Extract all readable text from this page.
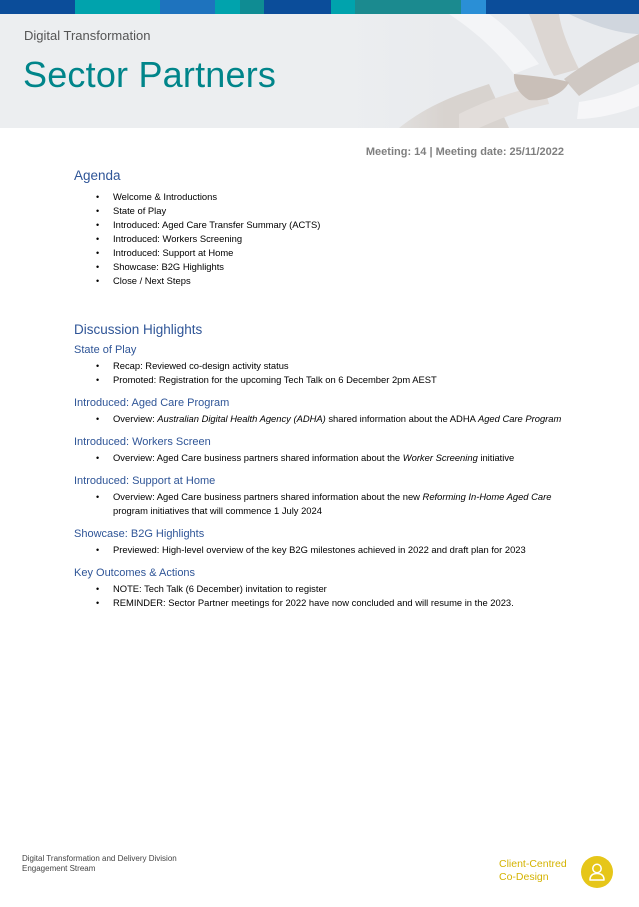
Digital Transformation
Sector Partners
Meeting: 14 | Meeting date: 25/11/2022
Agenda
• Welcome & Introductions
• State of Play
• Introduced: Aged Care Transfer Summary (ACTS)
• Introduced: Workers Screening
• Introduced: Support at Home
• Showcase: B2G Highlights
• Close / Next Steps
Discussion Highlights
State of Play
• Recap: Reviewed co-design activity status
• Promoted: Registration for the upcoming Tech Talk on 6 December 2pm AEST
Introduced: Aged Care Program
• Overview: Australian Digital Health Agency (ADHA) shared information about the ADHA Aged Care Program
Introduced: Workers Screen
• Overview: Aged Care business partners shared information about the Worker Screening initiative
Introduced: Support at Home
• Overview: Aged Care business partners shared information about the new Reforming In-Home Aged Care program initiatives that will commence 1 July 2024
Showcase: B2G Highlights
• Previewed: High-level overview of the key B2G milestones achieved in 2022 and draft plan for 2023
Key Outcomes & Actions
• NOTE: Tech Talk (6 December) invitation to register
• REMINDER: Sector Partner meetings for 2022 have now concluded and will resume in the 2023.
Digital Transformation and Delivery Division
Engagement Stream	Client-Centred
Co-Design
